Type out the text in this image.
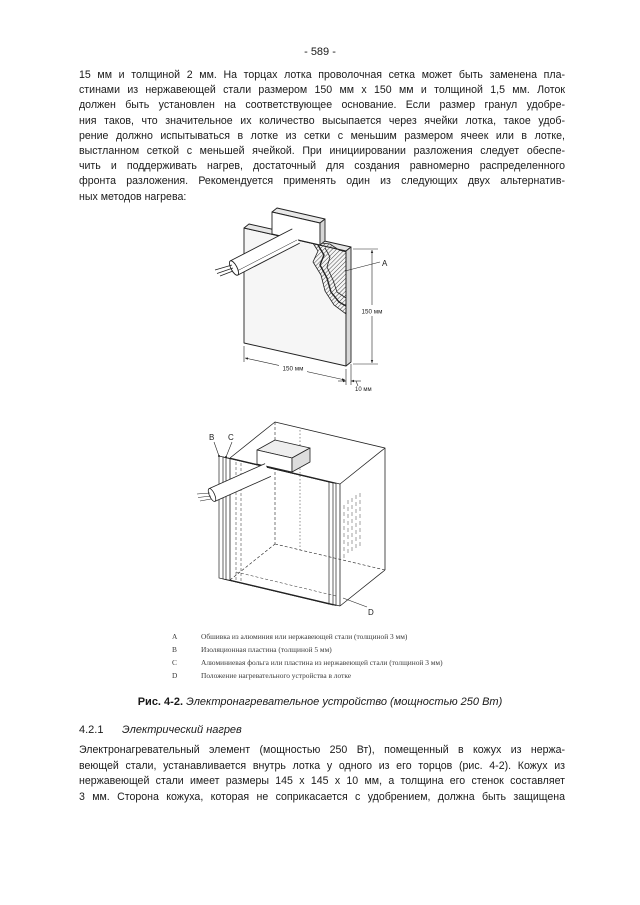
- 589 -
15 мм и толщиной 2 мм. На торцах лотка проволочная сетка может быть заменена пла-
стинами из нержавеющей стали размером 150 мм x 150 мм и толщиной 1,5 мм. Лоток
должен быть установлен на соответствующее основание. Если размер гранул удобре-
ния таков, что значительное их количество высыпается через ячейки лотка, такое удоб-
рение должно испытываться в лотке из сетки с меньшим размером ячеек или в лотке,
выстланном сеткой с меньшей ячейкой. При инициировании разложения следует обеспе-
чить и поддерживать нагрев, достаточный для создания равномерно распределенного
фронта разложения. Рекомендуется применять один из следующих двух альтернатив-
ных методов нагрева:
A
150 мм
150 мм
10 мм
B C
D
A	Обшивка из алюминия или нержавеющей стали (толщиной 3 мм)
B	Изоляционная пластина (толщиной 5 мм)
C	Алюминиевая фольга или пластина из нержавеющей стали (толщиной 3 мм)
D	Положение нагревательного устройства в лотке
Рис. 4-2. Электронагревательное устройство (мощностью 250 Вт)
4.2.1 Электрический нагрев
Электронагревательный элемент (мощностью 250 Вт), помещенный в кожух из нержа-
веющей стали, устанавливается внутрь лотка у одного из его торцов (рис. 4-2). Кожух из
нержавеющей стали имеет размеры 145 x 145 x 10 мм, а толщина его стенок составляет
3 мм. Сторона кожуха, которая не соприкасается с удобрением, должна быть защищена
